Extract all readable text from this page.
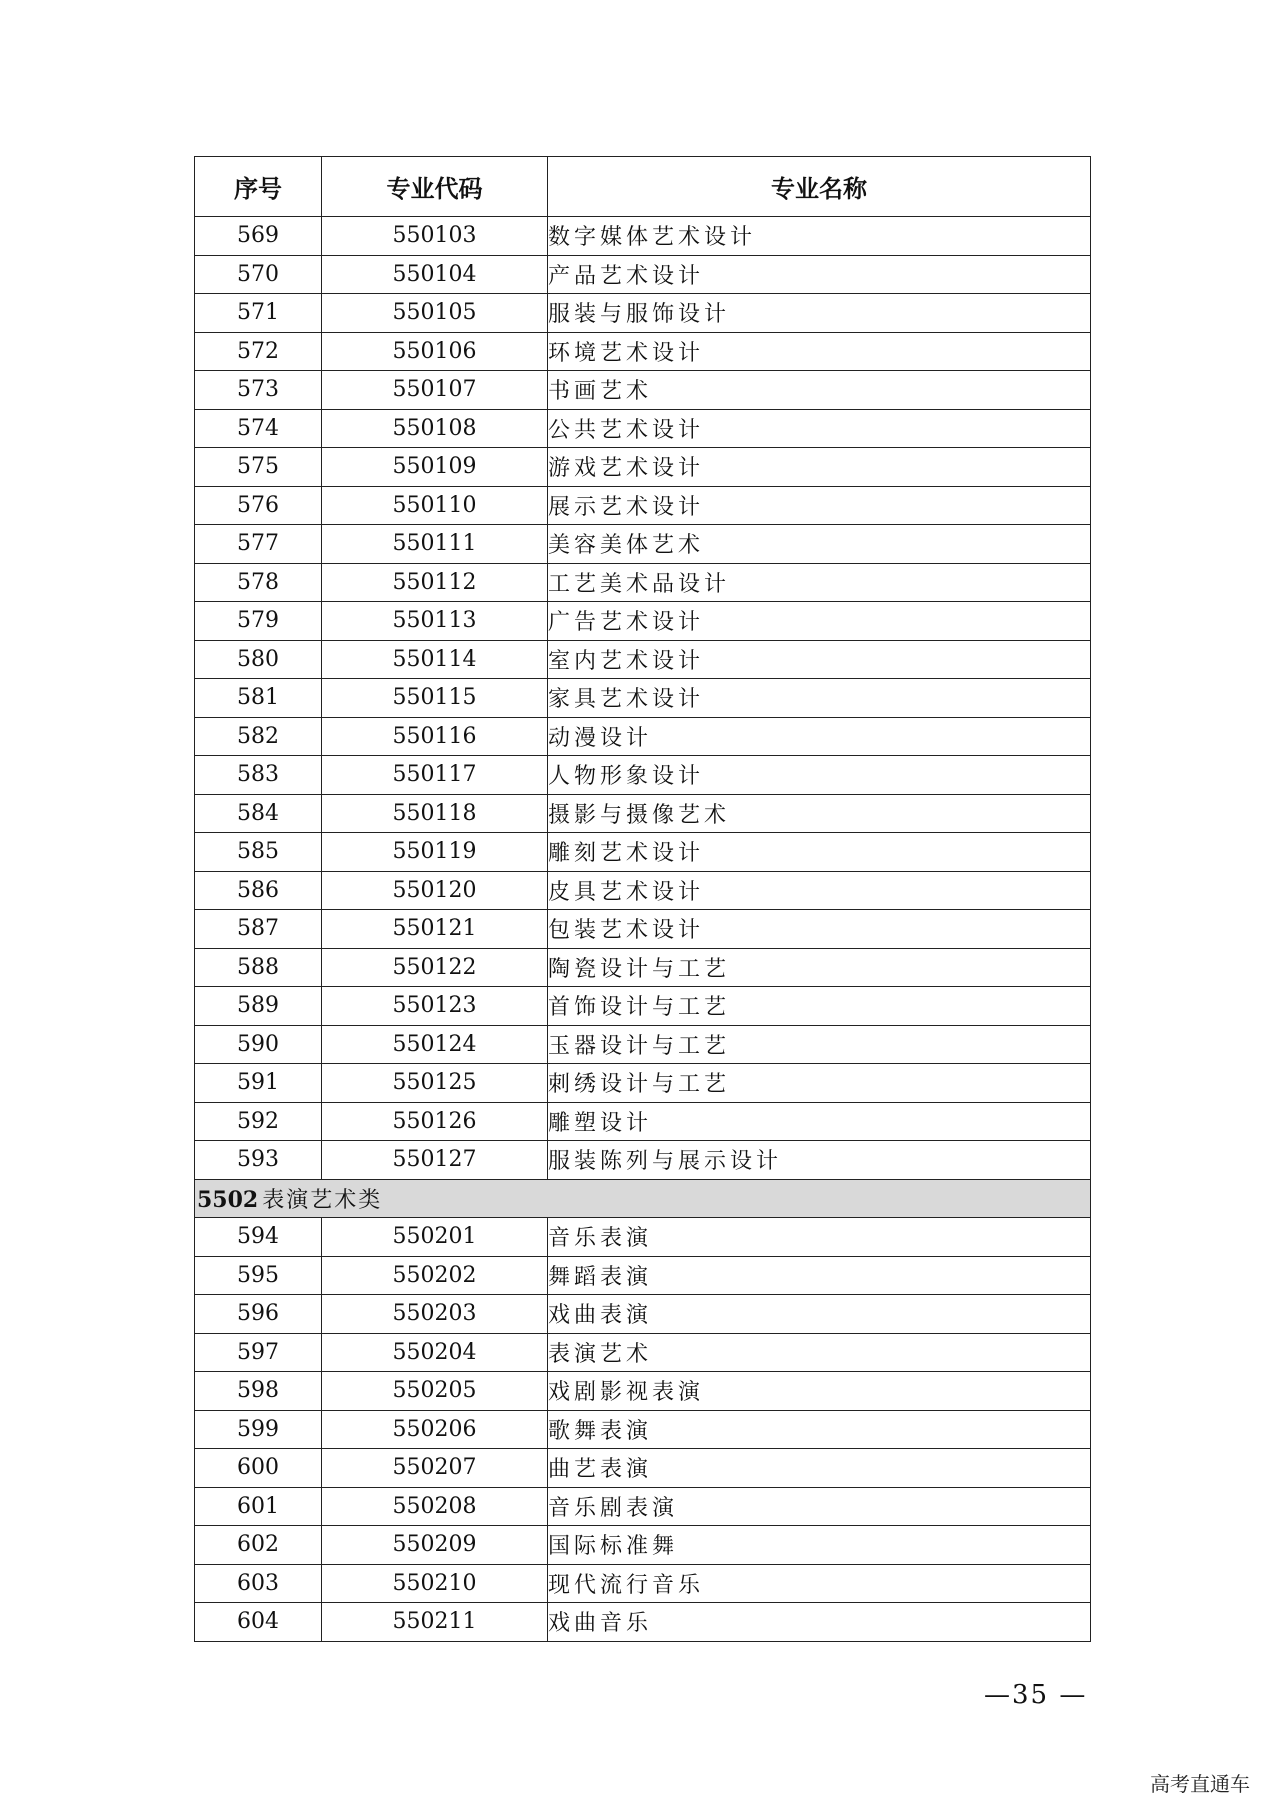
序号	专业代码	专业名称
569	550103	数字媒体艺术设计
570	550104	产品艺术设计
571	550105	服装与服饰设计
572	550106	环境艺术设计
573	550107	书画艺术
574	550108	公共艺术设计
575	550109	游戏艺术设计
576	550110	展示艺术设计
577	550111	美容美体艺术
578	550112	工艺美术品设计
579	550113	广告艺术设计
580	550114	室内艺术设计
581	550115	家具艺术设计
582	550116	动漫设计
583	550117	人物形象设计
584	550118	摄影与摄像艺术
585	550119	雕刻艺术设计
586	550120	皮具艺术设计
587	550121	包装艺术设计
588	550122	陶瓷设计与工艺
589	550123	首饰设计与工艺
590	550124	玉器设计与工艺
591	550125	刺绣设计与工艺
592	550126	雕塑设计
593	550127	服装陈列与展示设计
5502 表演艺术类		
594	550201	音乐表演
595	550202	舞蹈表演
596	550203	戏曲表演
597	550204	表演艺术
598	550205	戏剧影视表演
599	550206	歌舞表演
600	550207	曲艺表演
601	550208	音乐剧表演
602	550209	国际标准舞
603	550210	现代流行音乐
604	550211	戏曲音乐
—35 —
高考直通车
